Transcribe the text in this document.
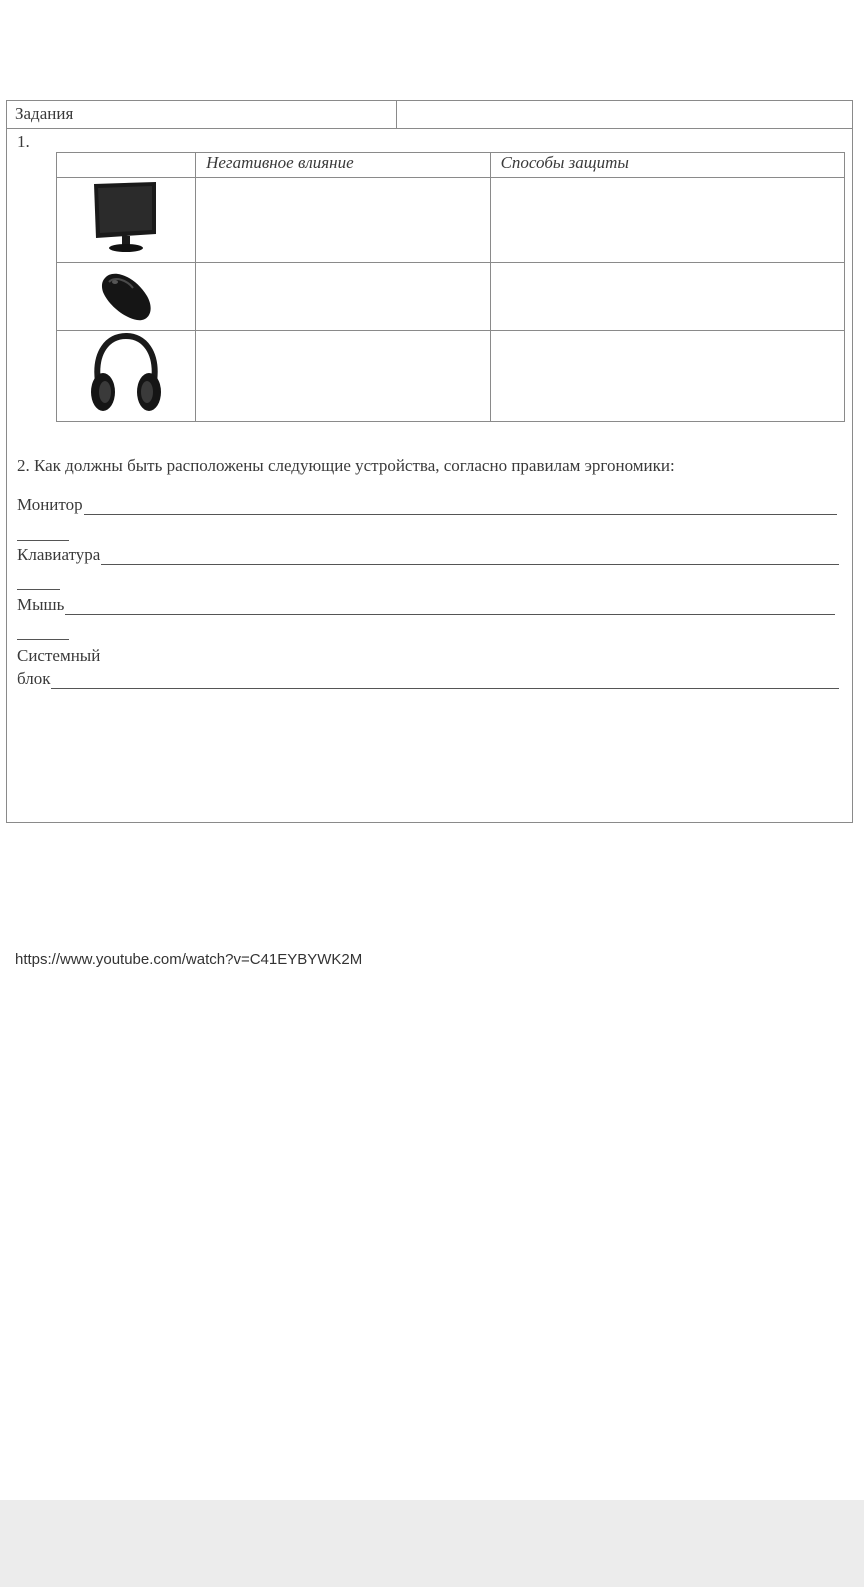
Задания
1.
	Негативное влияние	Способы защиты

2. Как должны быть расположены следующие устройства, согласно правилам эргономики:
Монитор
Клавиатура
Мышь
Системный
блок
https://www.youtube.com/watch?v=C41EYBYWK2M
